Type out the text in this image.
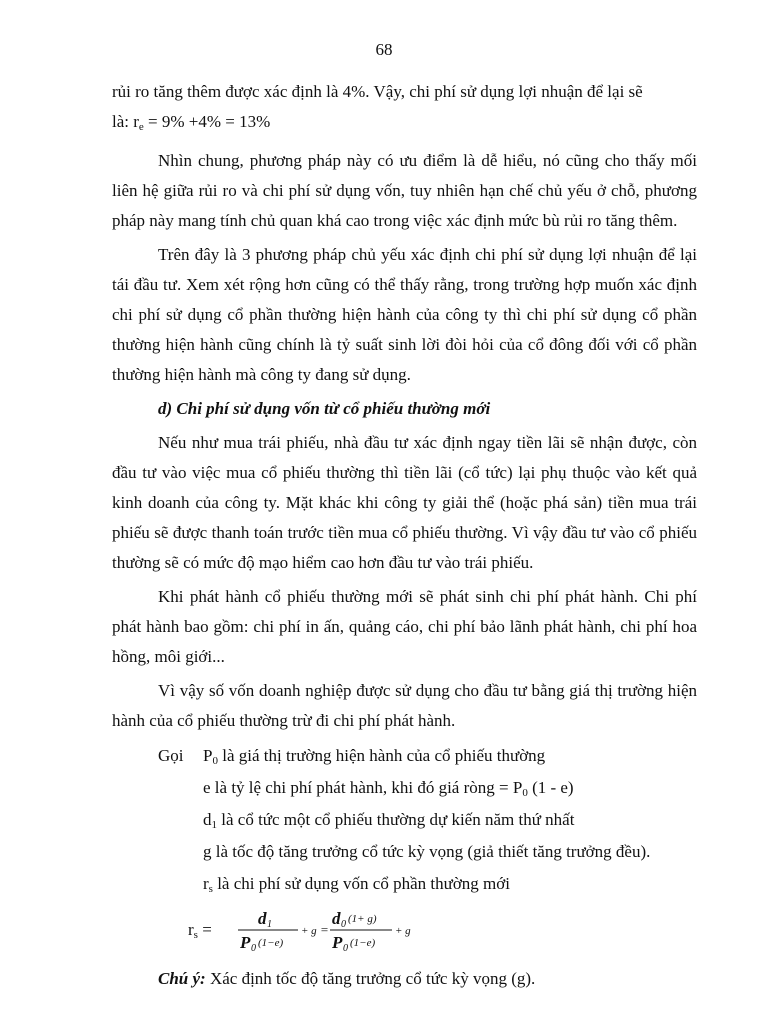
68

rủi ro tăng thêm được xác định là 4%. Vậy, chi phí sử dụng lợi nhuận để lại sẽ
là: $r_e = 9\% +4\% = 13\%$

Nhìn chung, phương pháp này có ưu điểm là dễ hiểu, nó cũng cho thấy mối liên hệ giữa rủi ro và chi phí sử dụng vốn, tuy nhiên hạn chế chủ yếu ở chỗ, phương pháp này mang tính chủ quan khá cao trong việc xác định mức bù rủi ro tăng thêm.

Trên đây là 3 phương pháp chủ yếu xác định chi phí sử dụng lợi nhuận để lại tái đầu tư. Xem xét rộng hơn cũng có thể thấy rằng, trong trường hợp muốn xác định chi phí sử dụng cổ phần thường hiện hành của công ty thì chi phí sử dụng cổ phần thường hiện hành cũng chính là tỷ suất sinh lời đòi hỏi của cổ đông đối với cổ phần thường hiện hành mà công ty đang sử dụng.

d) Chi phí sử dụng vốn từ cổ phiếu thường mới

Nếu như mua trái phiếu, nhà đầu tư xác định ngay tiền lãi sẽ nhận được, còn đầu tư vào việc mua cổ phiếu thường thì tiền lãi (cổ tức) lại phụ thuộc vào kết quả kinh doanh của công ty. Mặt khác khi công ty giải thể (hoặc phá sản) tiền mua trái phiếu sẽ được thanh toán trước tiền mua cổ phiếu thường. Vì vậy đầu tư vào cổ phiếu thường sẽ có mức độ mạo hiểm cao hơn đầu tư vào trái phiếu.

Khi phát hành cổ phiếu thường mới sẽ phát sinh chi phí phát hành. Chi phí phát hành bao gồm: chi phí in ấn, quảng cáo, chi phí bảo lãnh phát hành, chi phí hoa hồng, môi giới...

Vì vậy số vốn doanh nghiệp được sử dụng cho đầu tư bằng giá thị trường hiện hành của cổ phiếu thường trừ đi chi phí phát hành.

Gọi $P_0$ là giá thị trường hiện hành của cổ phiếu thường
e là tỷ lệ chi phí phát hành, khi đó giá ròng = $P_0$ (1 - e)
$d_1$ là cổ tức một cổ phiếu thường dự kiến năm thứ nhất
g là tốc độ tăng trưởng cổ tức kỳ vọng (giả thiết tăng trưởng đều).
$r_s$ là chi phí sử dụng vốn cổ phần thường mới
$r_s$ =
d 1
P 0 (1−e)
+ g =
d 0 (1+ g)
P 0 (1−e)
+ g

Chú ý: Xác định tốc độ tăng trưởng cổ tức kỳ vọng (g).
